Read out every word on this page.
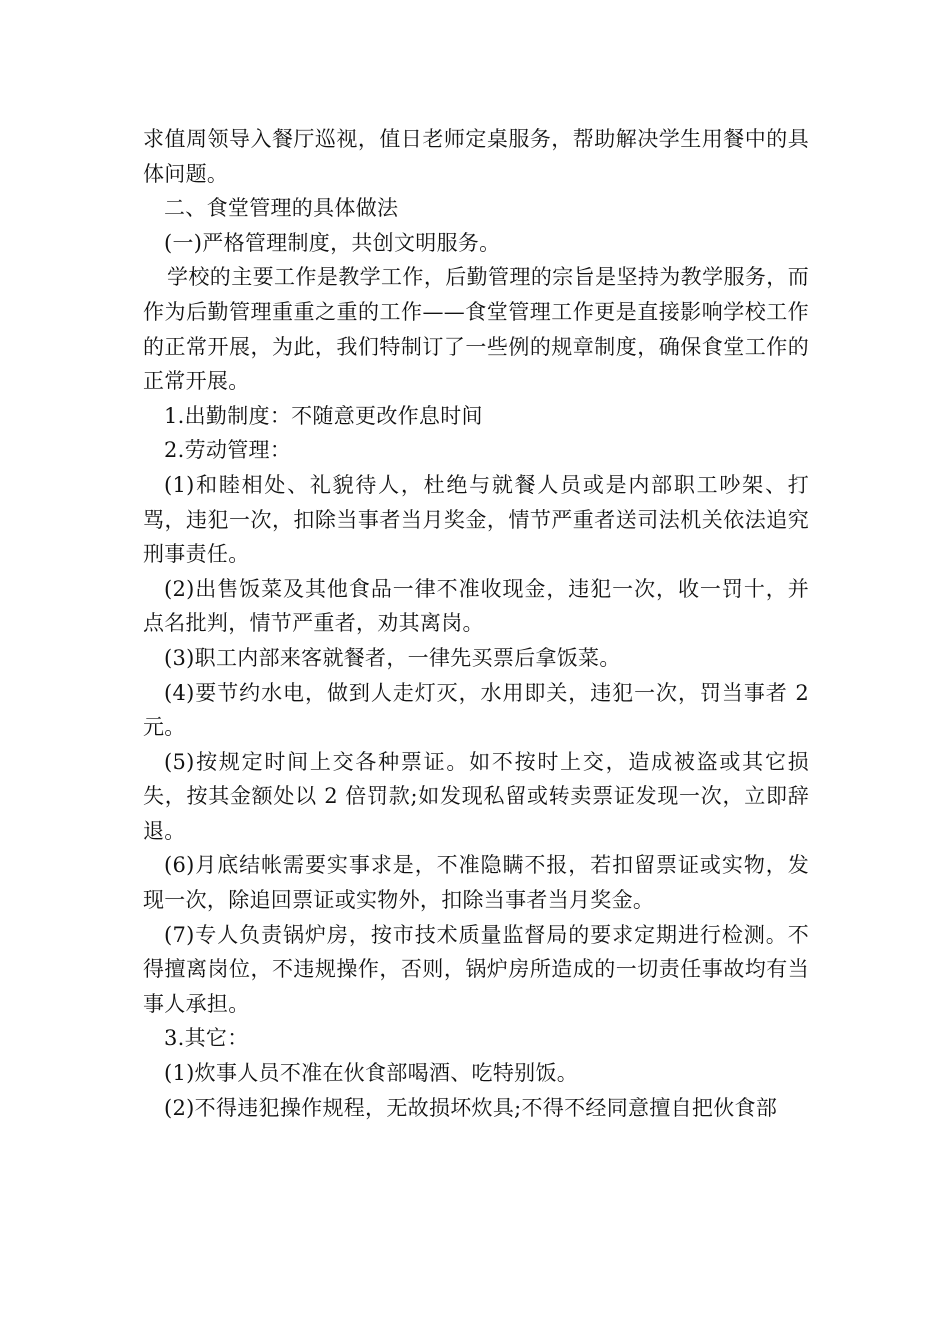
求值周领导入餐厅巡视，值日老师定桌服务，帮助解决学生用餐中的具体问题。

二、食堂管理的具体做法

(一)严格管理制度，共创文明服务。

学校的主要工作是教学工作，后勤管理的宗旨是坚持为教学服务，而作为后勤管理重重之重的工作——食堂管理工作更是直接影响学校工作的正常开展，为此，我们特制订了一些例的规章制度，确保食堂工作的正常开展。

1.出勤制度：不随意更改作息时间

2.劳动管理：

(1)和睦相处、礼貌待人，杜绝与就餐人员或是内部职工吵架、打骂，违犯一次，扣除当事者当月奖金，情节严重者送司法机关依法追究刑事责任。

(2)出售饭菜及其他食品一律不准收现金，违犯一次，收一罚十，并点名批判，情节严重者，劝其离岗。

(3)职工内部来客就餐者，一律先买票后拿饭菜。

(4)要节约水电，做到人走灯灭，水用即关，违犯一次，罚当事者 2 元。

(5)按规定时间上交各种票证。如不按时上交，造成被盗或其它损失，按其金额处以 2 倍罚款;如发现私留或转卖票证发现一次，立即辞退。

(6)月底结帐需要实事求是，不准隐瞒不报，若扣留票证或实物，发现一次，除追回票证或实物外，扣除当事者当月奖金。

(7)专人负责锅炉房，按市技术质量监督局的要求定期进行检测。不得擅离岗位，不违规操作，否则，锅炉房所造成的一切责任事故均有当事人承担。

3.其它：

(1)炊事人员不准在伙食部喝酒、吃特别饭。

(2)不得违犯操作规程，无故损坏炊具;不得不经同意擅自把伙食部
